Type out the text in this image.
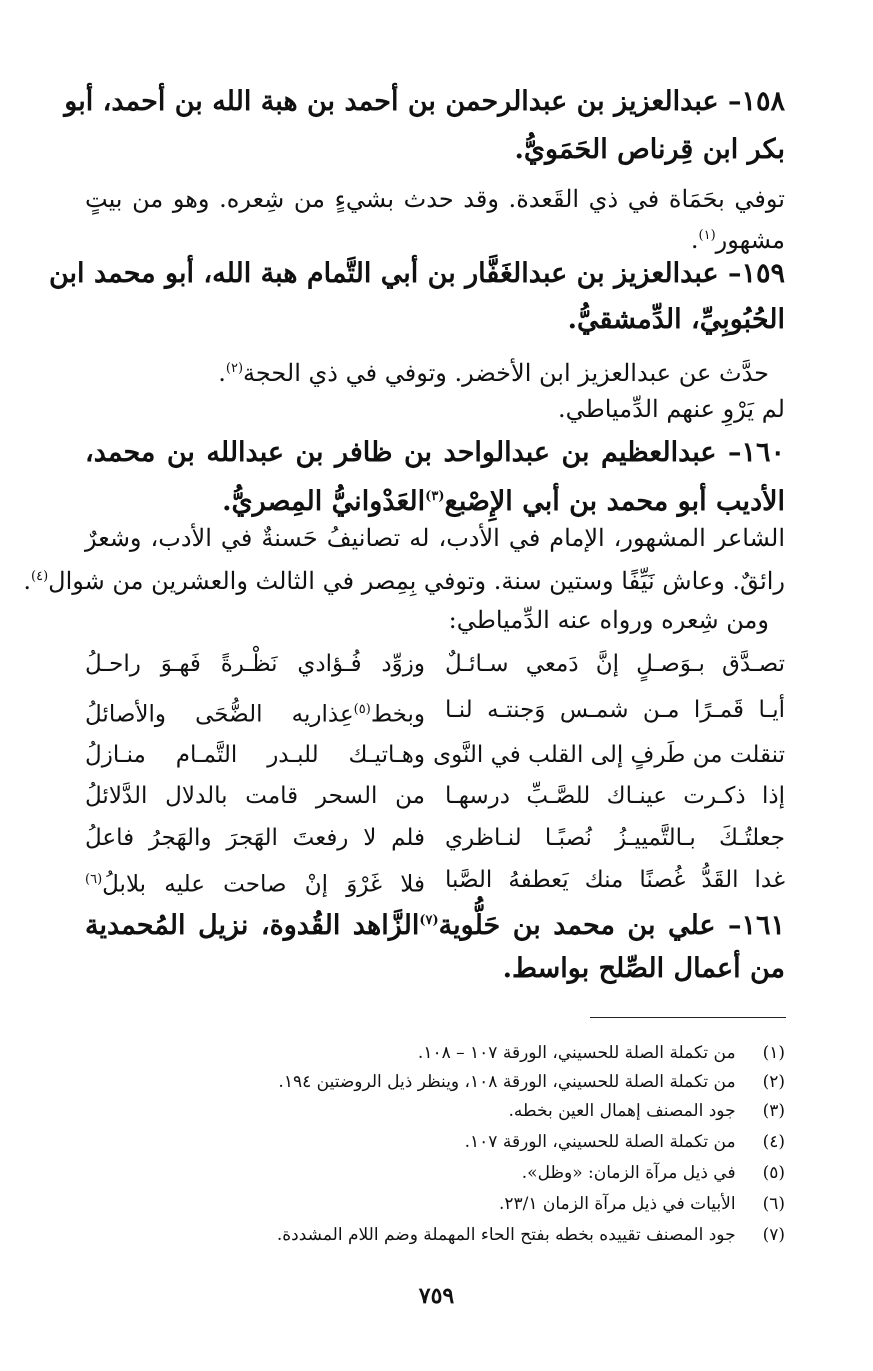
١٥٨– عبدالعزيز بن عبدالرحمن بن أحمد بن هبة الله بن أحمد، أبو
بكر ابن قِرناص الحَمَويُّ.
توفي بحَمَاة في ذي القَعدة. وقد حدث بشيءٍ من شِعره. وهو من بيتٍ
مشهور$^{(١)}$.
١٥٩– عبدالعزيز بن عبدالغَفَّار بن أبي التَّمام هبة الله، أبو محمد ابن
الحُبُوبِيِّ، الدِّمشقيُّ.
حدَّث عن عبدالعزيز ابن الأخضر. وتوفي في ذي الحجة$^{(٢)}$.
لم يَرْوِ عنهم الدِّمياطي.
١٦٠– عبدالعظيم بن عبدالواحد بن ظافر بن عبدالله بن محمد،
الأديب أبو محمد بن أبي الإِصْبع$^{(٣)}$العَدْوانيُّ المِصريُّ.
الشاعر المشهور، الإمام في الأدب، له تصانيفُ حَسنةٌ في الأدب، وشعرٌ
رائقٌ. وعاش نَيِّفًا وستين سنة. وتوفي بِمِصر في الثالث والعشرين من شوال$^{(٤)}$.
ومن شِعره ورواه عنه الدِّمياطي:
تصـدَّق بـوَصـلٍ إنَّ دَمعي سـائـلٌ
وزوِّد فُـؤادي نَظْـرةً فَهـوَ راحـلُ
أيـا قَمـرًا مـن شمـس وَجنتـه لنـا
وبخط$^{(٥)}$عِذاريه الضُّحَى والأصائلُ
تنقلت من طَرفٍ إلى القلب في النَّوى
وهـاتيـك للبـدر التَّمـام منـازلُ
إذا ذكـرت عينـاك للصَّـبِّ درسهـا
من السحر قامت بالدلال الدَّلائلُ
جعلتُـكَ بـالتَّمييـزُ نُصبًـا لنـاظري
فلم لا رفعتَ الهَجرَ والهَجرُ فاعلُ
غدا القَدُّ غُصنًا منك يَعطفهُ الصَّبا
فلا غَرْوَ إنْ صاحت عليه بلابلُ$^{(٦)}$
١٦١– علي بن محمد بن حَلُّوية$^{(٧)}$الزَّاهد القُدوة، نزيل المُحمدية
من أعمال الصِّلح بواسط.
(١) من تكملة الصلة للحسيني، الورقة ١٠٧ – ١٠٨.
(٢) من تكملة الصلة للحسيني، الورقة ١٠٨، وينظر ذيل الروضتين ١٩٤.
(٣) جود المصنف إهمال العين بخطه.
(٤) من تكملة الصلة للحسيني، الورقة ١٠٧.
(٥) في ذيل مرآة الزمان: «وظل».
(٦) الأبيات في ذيل مرآة الزمان ٢٣/١.
(٧) جود المصنف تقييده بخطه بفتح الحاء المهملة وضم اللام المشددة.
٧٥٩
